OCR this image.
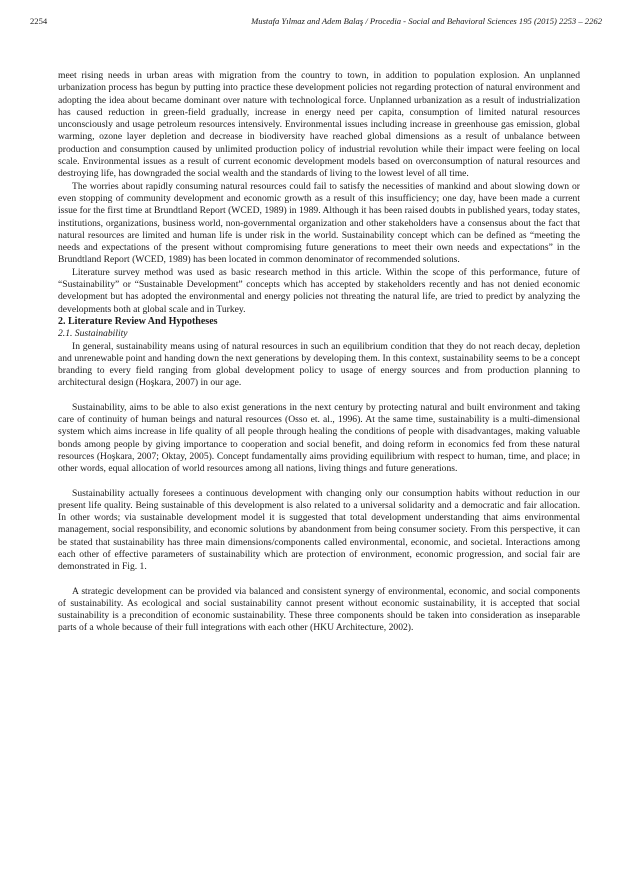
2254	Mustafa Yılmaz and Adem Balaş / Procedia - Social and Behavioral Sciences 195 (2015) 2253 – 2262

meet rising needs in urban areas with migration from the country to town, in addition to population explosion. An unplanned urbanization process has begun by putting into practice these development policies not regarding protection of natural environment and adopting the idea about became dominant over nature with technological force. Unplanned urbanization as a result of industrialization has caused reduction in green-field gradually, increase in energy need per capita, consumption of limited natural resources unconsciously and usage petroleum resources intensively. Environmental issues including increase in greenhouse gas emission, global warming, ozone layer depletion and decrease in biodiversity have reached global dimensions as a result of unbalance between production and consumption caused by unlimited production policy of industrial revolution while their impact were feeling on local scale. Environmental issues as a result of current economic development models based on overconsumption of natural resources and destroying life, has downgraded the social wealth and the standards of living to the lowest level of all time.

The worries about rapidly consuming natural resources could fail to satisfy the necessities of mankind and about slowing down or even stopping of community development and economic growth as a result of this insufficiency; one day, have been made a current issue for the first time at Brundtland Report (WCED, 1989) in 1989. Although it has been raised doubts in published years, today states, institutions, organizations, business world, non-governmental organization and other stakeholders have a consensus about the fact that natural resources are limited and human life is under risk in the world. Sustainability concept which can be defined as “meeting the needs and expectations of the present without compromising future generations to meet their own needs and expectations” in the Brundtland Report (WCED, 1989) has been located in common denominator of recommended solutions.

Literature survey method was used as basic research method in this article. Within the scope of this performance, future of “Sustainability” or “Sustainable Development” concepts which has accepted by stakeholders recently and has not denied economic development but has adopted the environmental and energy policies not threating the natural life, are tried to predict by analyzing the developments both at global scale and in Turkey.

2. Literature Review And Hypotheses

2.1. Sustainability

In general, sustainability means using of natural resources in such an equilibrium condition that they do not reach decay, depletion and unrenewable point and handing down the next generations by developing them. In this context, sustainability seems to be a concept branding to every field ranging from global development policy to usage of energy sources and from production planning to architectural design (Hoşkara, 2007) in our age.

Sustainability, aims to be able to also exist generations in the next century by protecting natural and built environment and taking care of continuity of human beings and natural resources (Osso et. al., 1996). At the same time, sustainability is a multi-dimensional system which aims increase in life quality of all people through healing the conditions of people with disadvantages, making valuable bonds among people by giving importance to cooperation and social benefit, and doing reform in economics fed from these natural resources (Hoşkara, 2007; Oktay, 2005). Concept fundamentally aims providing equilibrium with respect to human, time, and place; in other words, equal allocation of world resources among all nations, living things and future generations.

Sustainability actually foresees a continuous development with changing only our consumption habits without reduction in our present life quality. Being sustainable of this development is also related to a universal solidarity and a democratic and fair allocation. In other words; via sustainable development model it is suggested that total development understanding that aims environmental management, social responsibility, and economic solutions by abandonment from being consumer society. From this perspective, it can be stated that sustainability has three main dimensions/components called environmental, economic, and societal. Interactions among each other of effective parameters of sustainability which are protection of environment, economic progression, and social fair are demonstrated in Fig. 1.

A strategic development can be provided via balanced and consistent synergy of environmental, economic, and social components of sustainability. As ecological and social sustainability cannot present without economic sustainability, it is accepted that social sustainability is a precondition of economic sustainability. These three components should be taken into consideration as inseparable parts of a whole because of their full integrations with each other (HKU Architecture, 2002).
